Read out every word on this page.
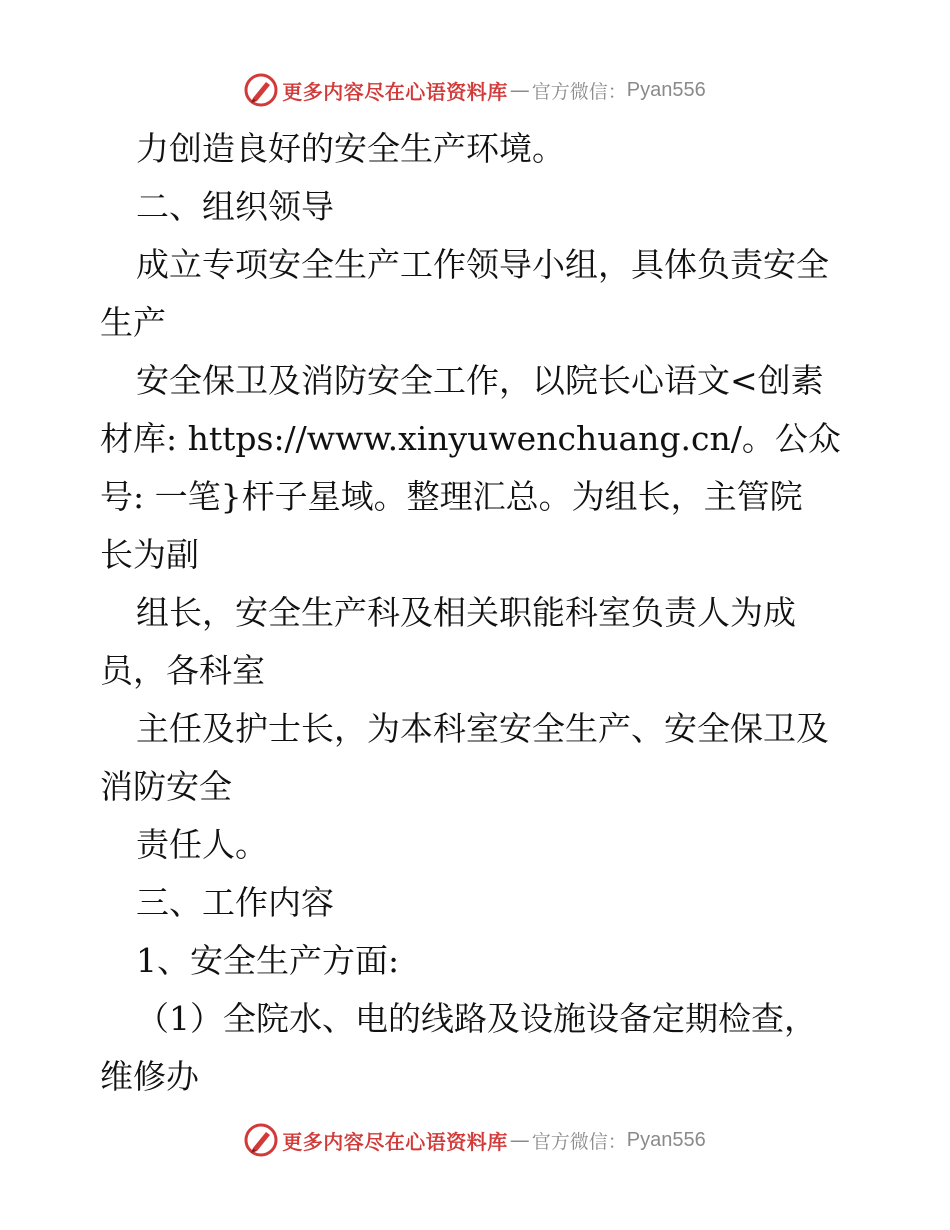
更多内容尽在心语资料库 — 官方微信： Pyan556
力创造良好的安全生产环境。
二、组织领导
成立专项安全生产工作领导小组，具体负责安全
生产
安全保卫及消防安全工作，以院长心语文<创素
材库: https://www.xinyuwenchuang.cn/。公众
号: 一笔}杆子星域。整理汇总。为组长，主管院
长为副
组长，安全生产科及相关职能科室负责人为成
员，各科室
主任及护士长，为本科室安全生产、安全保卫及
消防安全
责任人。
三、工作内容
1、安全生产方面:
（1）全院水、电的线路及设施设备定期检查，
维修办
更多内容尽在心语资料库 — 官方微信： Pyan556
